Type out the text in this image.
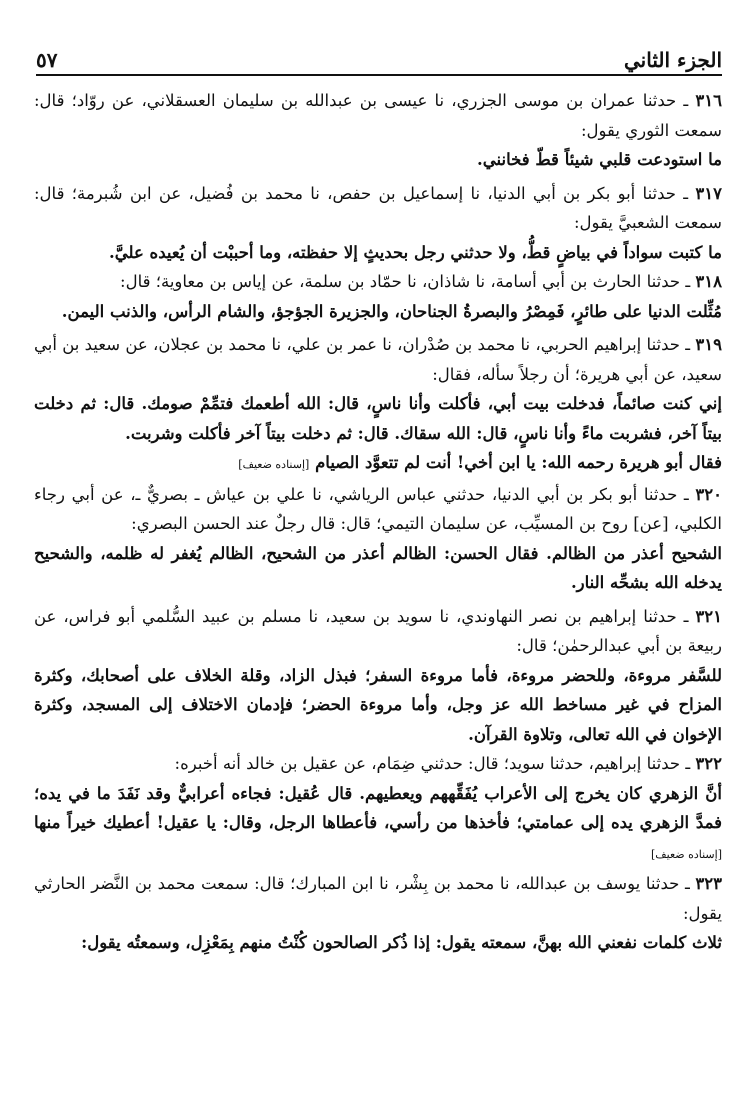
الجزء الثاني
٥٧

٣١٦ ـ حدثنا عمران بن موسى الجزري، نا عيسى بن عبدالله بن سليمان العسقلاني، عن روّاد؛ قال: سمعت الثوري يقول:

ما استودعت قلبي شيئاً قطّ فخانني.

٣١٧ ـ حدثنا أبو بكر بن أبي الدنيا، نا إسماعيل بن حفص، نا محمد بن فُضيل، عن ابن شُبرمة؛ قال: سمعت الشعبيَّ يقول:

ما كتبت سواداً في بياضٍ قطُّ، ولا حدثني رجل بحديثٍ إلا حفظته، وما أحببْت أن يُعيده عليَّ.

٣١٨ ـ حدثنا الحارث بن أبي أسامة، نا شاذان، نا حمّاد بن سلمة، عن إياس بن معاوية؛ قال:

مُثِّلت الدنيا على طائرٍ، فَمِصْرُ والبصرةُ الجناحان، والجزيرة الجؤجؤ، والشام الرأس، والذنب اليمن.

٣١٩ ـ حدثنا إبراهيم الحربي، نا محمد بن صُدْران، نا عمر بن علي، نا محمد بن عجلان، عن سعيد بن أبي سعيد، عن أبي هريرة؛ أن رجلاً سأله، فقال:

إني كنت صائماً، فدخلت بيت أبي، فأكلت وأنا ناسٍ، قال: الله أطعمك فتمِّمْ صومك. قال: ثم دخلت بيتاً آخر، فشربت ماءً وأنا ناسٍ، قال: الله سقاك. قال: ثم دخلت بيتاً آخر فأكلت وشربت.

فقال أبو هريرة رحمه الله: يا ابن أخي! أنت لم تتعوَّد الصيام [إسناده ضعيف]

٣٢٠ ـ حدثنا أبو بكر بن أبي الدنيا، حدثني عباس الرياشي، نا علي بن عياش ـ بصريٌّ ـ، عن أبي رجاء الكلبي، [عن] روح بن المسيِّب، عن سليمان التيمي؛ قال: قال رجلٌ عند الحسن البصري:

الشحيح أعذر من الظالم. فقال الحسن: الظالم أعذر من الشحيح، الظالم يُغفر له ظلمه، والشحيح يدخله الله بشحِّه النار.

٣٢١ ـ حدثنا إبراهيم بن نصر النهاوندي، نا سويد بن سعيد، نا مسلم بن عبيد السُّلمي أبو فراس، عن ربيعة بن أبي عبدالرحمٰن؛ قال:

للسَّفر مروءة، وللحضر مروءة، فأما مروءة السفر؛ فبذل الزاد، وقلة الخلاف على أصحابك، وكثرة المزاح في غير مساخط الله عز وجل، وأما مروءة الحضر؛ فإدمان الاختلاف إلى المسجد، وكثرة الإخوان في الله تعالى، وتلاوة القرآن.

٣٢٢ ـ حدثنا إبراهيم، حدثنا سويد؛ قال: حدثني ضِمَام، عن عقيل بن خالد أنه أخبره:

أنَّ الزهري كان يخرج إلى الأعراب يُفَقِّههم ويعطيهم. قال عُقيل: فجاءه أعرابيٌّ وقد نَفَدَ ما في يده؛ فمدَّ الزهري يده إلى عمامتي؛ فأخذها من رأسي، فأعطاها الرجل، وقال: يا عقيل! أعطيك خيراً منها [إسناده ضعيف]

٣٢٣ ـ حدثنا يوسف بن عبدالله، نا محمد بن بِشْر، نا ابن المبارك؛ قال: سمعت محمد بن النَّضر الحارثي يقول:

ثلاث كلمات نفعني الله بهنَّ، سمعته يقول: إذا ذُكر الصالحون كُنْتُ منهم بِمَعْزِل، وسمعتُه يقول:
